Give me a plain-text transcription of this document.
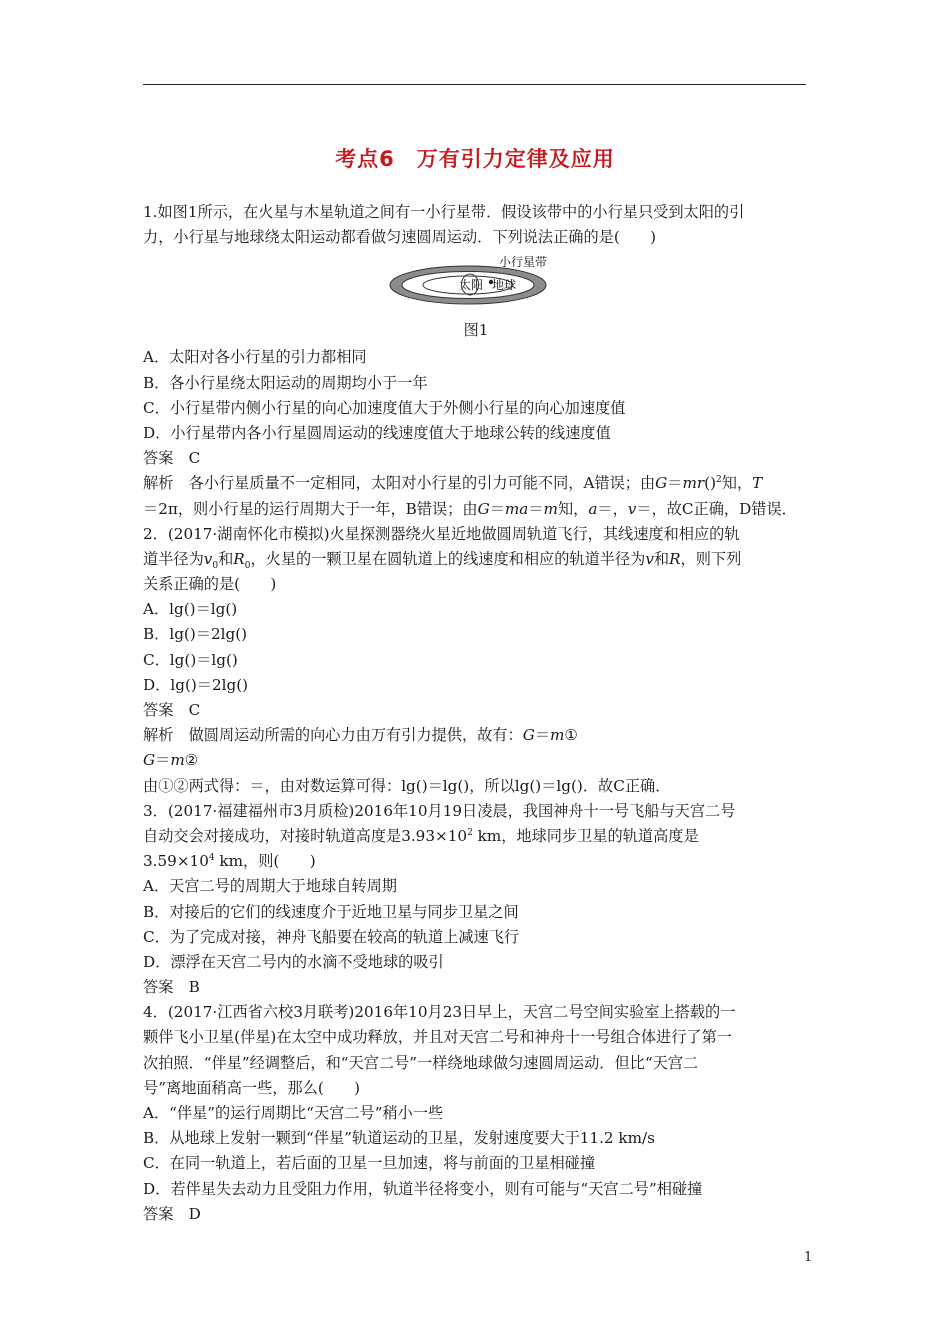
考点6　万有引力定律及应用
1.如图1所示，在火星与木星轨道之间有一小行星带．假设该带中的小行星只受到太阳的引
力，小行星与地球绕太阳运动都看做匀速圆周运动．下列说法正确的是(　　)
太阳 地球
小行星带
图1
A．太阳对各小行星的引力都相同
B．各小行星绕太阳运动的周期均小于一年
C．小行星带内侧小行星的向心加速度值大于外侧小行星的向心加速度值
D．小行星带内各小行星圆周运动的线速度值大于地球公转的线速度值
答案　C
解析　各小行星质量不一定相同，太阳对小行星的引力可能不同，A错误；由G＝mr()$^2$知，T
＝2π，则小行星的运行周期大于一年，B错误；由G＝ma＝m知，a＝，v＝，故C正确，D错误．
2．(2017·湖南怀化市模拟)火星探测器绕火星近地做圆周轨道飞行，其线速度和相应的轨
道半径为$v_0$和$R_0$，火星的一颗卫星在圆轨道上的线速度和相应的轨道半径为v和R，则下列
关系正确的是(　　)
A．lg()＝lg()
B．lg()＝2lg()
C．lg()＝lg()
D．lg()＝2lg()
答案　C
解析　做圆周运动所需的向心力由万有引力提供，故有：G＝m①
G＝m②
由①②两式得：＝，由对数运算可得：lg()＝lg()，所以lg()＝lg()．故C正确．
3．(2017·福建福州市3月质检)2016年10月19日凌晨，我国神舟十一号飞船与天宫二号
自动交会对接成功，对接时轨道高度是$3.93\times 10^2$ km，地球同步卫星的轨道高度是
$3.59\times 10^4$ km，则(　　)
A．天宫二号的周期大于地球自转周期
B．对接后的它们的线速度介于近地卫星与同步卫星之间
C．为了完成对接，神舟飞船要在较高的轨道上减速飞行
D．漂浮在天宫二号内的水滴不受地球的吸引
答案　B
4．(2017·江西省六校3月联考)2016年10月23日早上，天宫二号空间实验室上搭载的一
颗伴飞小卫星(伴星)在太空中成功释放，并且对天宫二号和神舟十一号组合体进行了第一
次拍照．“伴星”经调整后，和“天宫二号”一样绕地球做匀速圆周运动．但比“天宫二
号”离地面稍高一些，那么(　　)
A．“伴星”的运行周期比“天宫二号”稍小一些
B．从地球上发射一颗到“伴星”轨道运动的卫星，发射速度要大于11.2 km/s
C．在同一轨道上，若后面的卫星一旦加速，将与前面的卫星相碰撞
D．若伴星失去动力且受阻力作用，轨道半径将变小，则有可能与“天宫二号”相碰撞
答案　D
1
